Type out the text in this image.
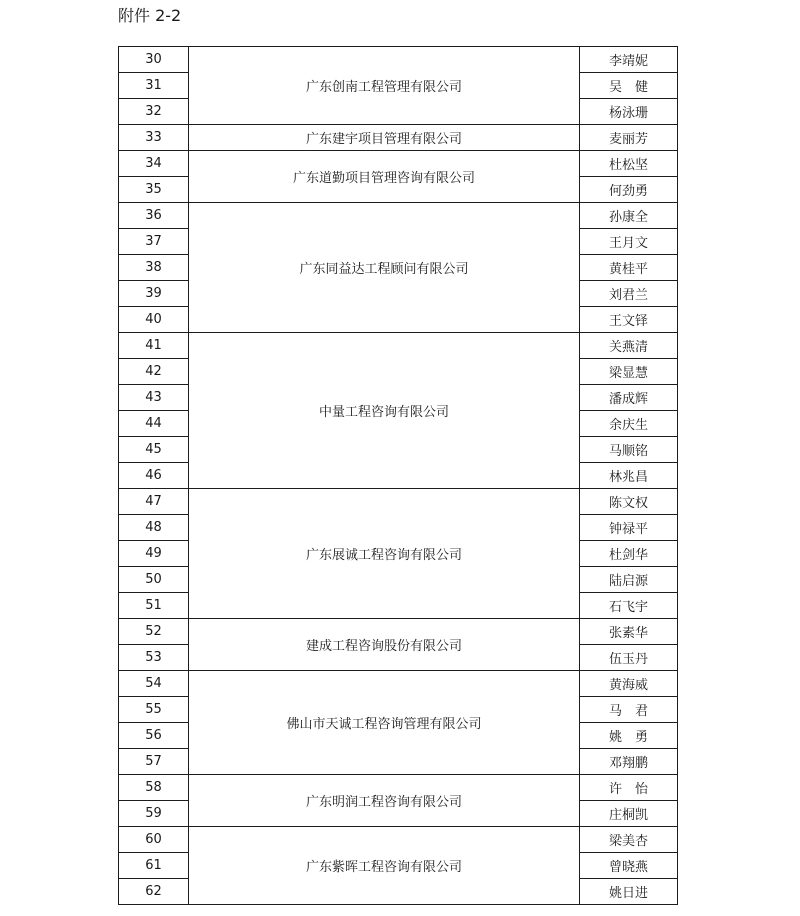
附件 2-2
30	广东创南工程管理有限公司	李靖妮
31		吴　健
32		杨泳珊
33	广东建宇项目管理有限公司	麦丽芳
34	广东道勤项目管理咨询有限公司	杜松坚
35		何劲勇
36	广东同益达工程顾问有限公司	孙康全
37		王月文
38		黄桂平
39		刘君兰
40		王文铎
41	中量工程咨询有限公司	关燕清
42		梁显慧
43		潘成辉
44		余庆生
45		马顺铭
46		林兆昌
47	广东展诚工程咨询有限公司	陈文权
48		钟禄平
49		杜剑华
50		陆启源
51		石飞宇
52	建成工程咨询股份有限公司	张素华
53		伍玉丹
54	佛山市天诚工程咨询管理有限公司	黄海威
55		马　君
56		姚　勇
57		邓翔鹏
58	广东明润工程咨询有限公司	许　怡
59		庄桐凯
60	广东紫晖工程咨询有限公司	梁美杏
61		曾晓燕
62		姚日进
